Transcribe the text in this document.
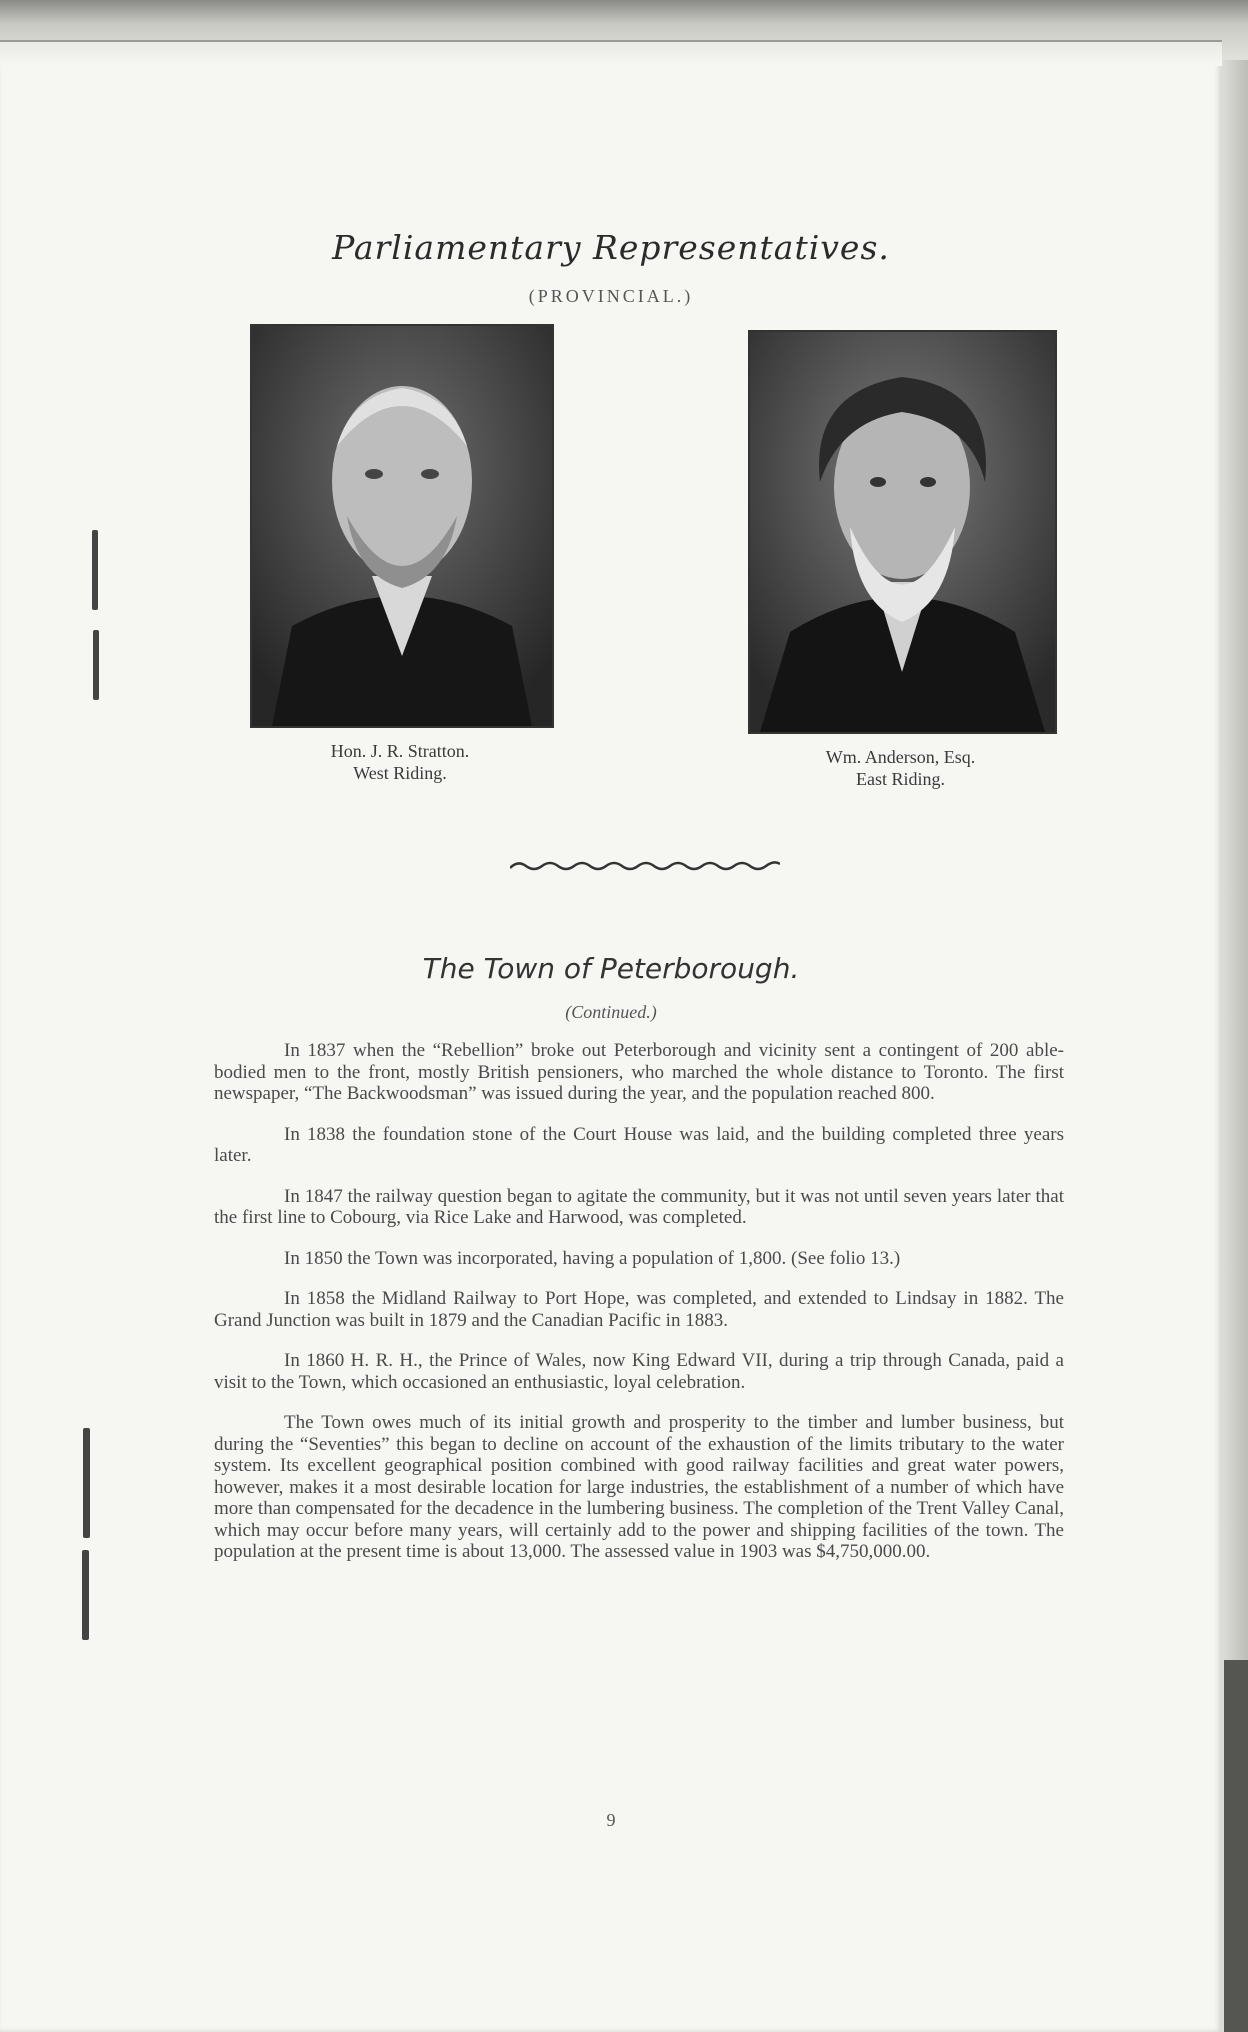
Parliamentary Representatives.
(PROVINCIAL.)
Hon. J. R. Stratton.
West Riding.
Wm. Anderson, Esq.
East Riding.
The Town of Peterborough.
(Continued.)

In 1837 when the “Rebellion” broke out Peterborough and vicinity sent a contingent of 200 able-bodied men to the front, mostly British pensioners, who marched the whole distance to Toronto. The first newspaper, “The Backwoodsman” was issued during the year, and the population reached 800.

In 1838 the foundation stone of the Court House was laid, and the building completed three years later.

In 1847 the railway question began to agitate the community, but it was not until seven years later that the first line to Cobourg, via Rice Lake and Harwood, was completed.

In 1850 the Town was incorporated, having a population of 1,800. (See folio 13.)

In 1858 the Midland Railway to Port Hope, was completed, and extended to Lindsay in 1882. The Grand Junction was built in 1879 and the Canadian Pacific in 1883.

In 1860 H. R. H., the Prince of Wales, now King Edward VII, during a trip through Canada, paid a visit to the Town, which occasioned an enthusiastic, loyal celebration.

The Town owes much of its initial growth and prosperity to the timber and lumber business, but during the “Seventies” this began to decline on account of the exhaustion of the limits tributary to the water system. Its excellent geographical position combined with good railway facilities and great water powers, however, makes it a most desirable location for large industries, the establishment of a number of which have more than compensated for the decadence in the lumbering business. The completion of the Trent Valley Canal, which may occur before many years, will certainly add to the power and shipping facilities of the town. The population at the present time is about 13,000. The assessed value in 1903 was $4,750,000.00.

9
